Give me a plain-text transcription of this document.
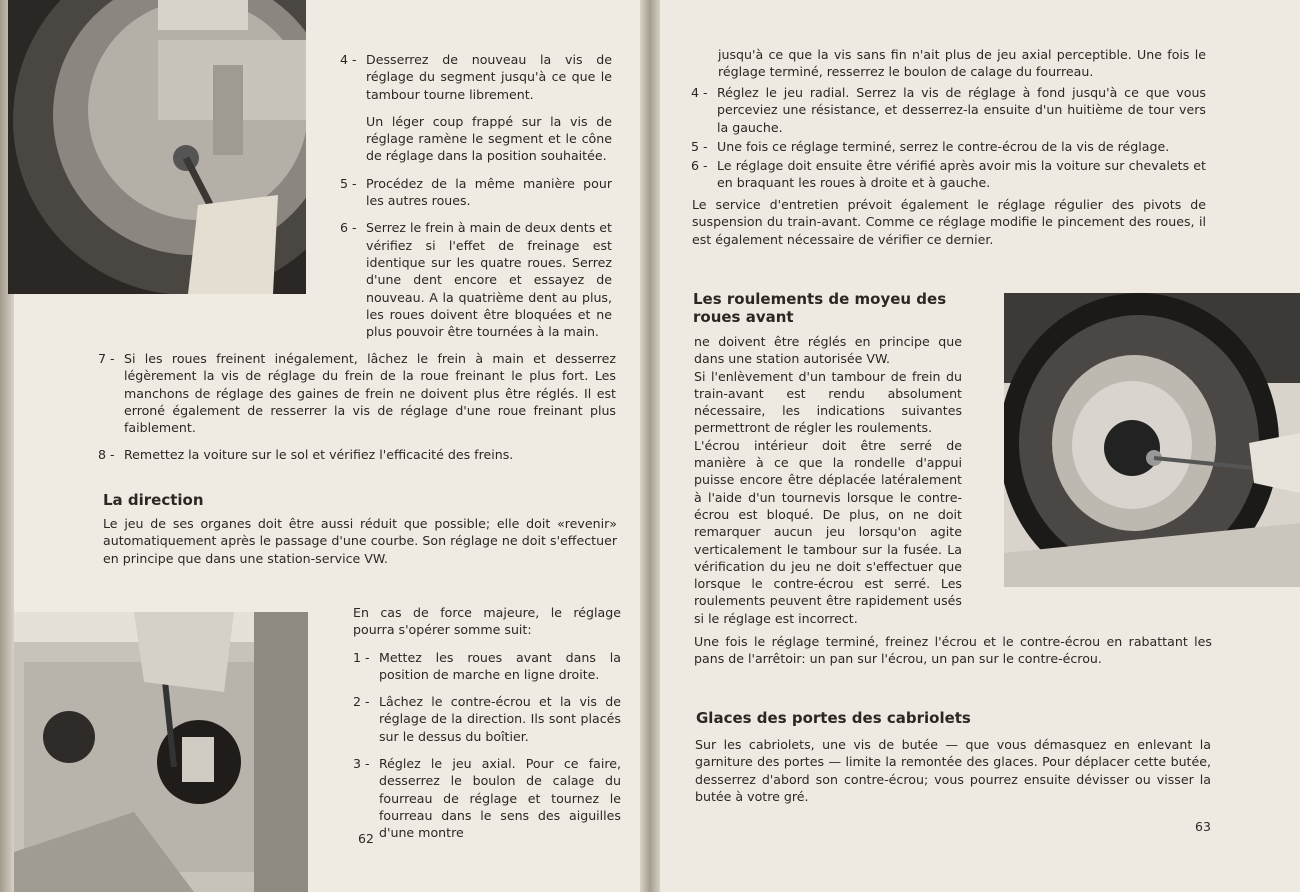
4 - Desserrez de nouveau la vis de réglage du segment jusqu'à ce que le tambour tourne librement.
Un léger coup frappé sur la vis de réglage ramène le segment et le cône de réglage dans la position souhaitée.
5 - Procédez de la même manière pour les autres roues.
6 - Serrez le frein à main de deux dents et vérifiez si l'effet de freinage est identique sur les quatre roues. Serrez d'une dent encore et essayez de nouveau. A la quatrième dent au plus, les roues doivent être bloquées et ne plus pouvoir être tournées à la main.
7 - Si les roues freinent inégalement, lâchez le frein à main et desserrez légèrement la vis de réglage du frein de la roue freinant le plus fort. Les manchons de réglage des gaines de frein ne doivent plus être réglés. Il est erroné également de resserrer la vis de réglage d'une roue freinant plus faiblement.
8 - Remettez la voiture sur le sol et vérifiez l'efficacité des freins.
La direction
Le jeu de ses organes doit être aussi réduit que possible; elle doit «revenir» automatiquement après le passage d'une courbe. Son réglage ne doit s'effectuer en principe que dans une station-service VW.

En cas de force majeure, le réglage pourra s'opérer somme suit:

1 - Mettez les roues avant dans la position de marche en ligne droite.
2 - Lâchez le contre-écrou et la vis de réglage de la direction. Ils sont placés sur le dessus du boîtier.
3 - Réglez le jeu axial. Pour ce faire, desserrez le boulon de calage du fourreau de réglage et tournez le fourreau dans le sens des aiguilles d'une montre
62
jusqu'à ce que la vis sans fin n'ait plus de jeu axial perceptible. Une fois le réglage terminé, resserrez le boulon de calage du fourreau.
4 - Réglez le jeu radial. Serrez la vis de réglage à fond jusqu'à ce que vous perceviez une résistance, et desserrez-la ensuite d'un huitième de tour vers la gauche.
5 - Une fois ce réglage terminé, serrez le contre-écrou de la vis de réglage.
6 - Le réglage doit ensuite être vérifié après avoir mis la voiture sur chevalets et en braquant les roues à droite et à gauche.
Le service d'entretien prévoit également le réglage régulier des pivots de suspension du train-avant. Comme ce réglage modifie le pincement des roues, il est également nécessaire de vérifier ce dernier.
Les roulements de moyeu des roues avant

ne doivent être réglés en principe que dans une station autorisée VW.

Si l'enlèvement d'un tambour de frein du train-avant est rendu absolument nécessaire, les indications suivantes permettront de régler les roulements.

L'écrou intérieur doit être serré de manière à ce que la rondelle d'appui puisse encore être déplacée latéralement à l'aide d'un tournevis lorsque le contre-écrou est bloqué. De plus, on ne doit remarquer aucun jeu lorsqu'on agite verticalement le tambour sur la fusée. La vérification du jeu ne doit s'effectuer que lorsque le contre-écrou est serré. Les roulements peuvent être rapidement usés si le réglage est incorrect.

Une fois le réglage terminé, freinez l'écrou et le contre-écrou en rabattant les pans de l'arrêtoir: un pan sur l'écrou, un pan sur le contre-écrou.
Glaces des portes des cabriolets
Sur les cabriolets, une vis de butée — que vous démasquez en enlevant la garniture des portes — limite la remontée des glaces. Pour déplacer cette butée, desserrez d'abord son contre-écrou; vous pourrez ensuite dévisser ou visser la butée à votre gré.
63
